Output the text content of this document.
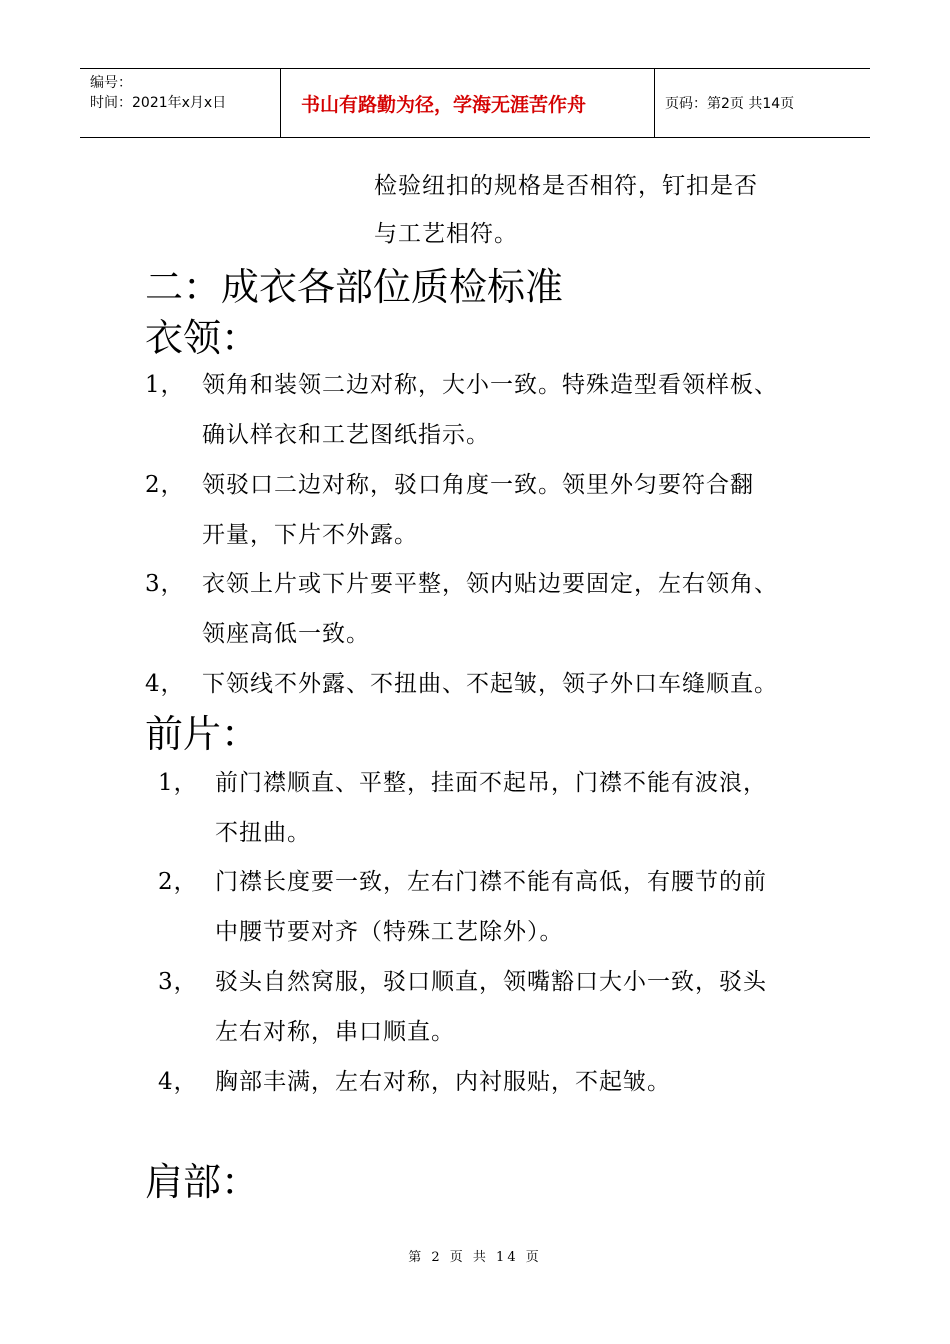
编号：
时间：2021年x月x日	书山有路勤为径，学海无涯苦作舟	页码：第2页 共14页
检验纽扣的规格是否相符，钉扣是否
与工艺相符。
二：成衣各部位质检标准
衣领：
1， 领角和装领二边对称，大小一致。特殊造型看领样板、
确认样衣和工艺图纸指示。
2， 领驳口二边对称，驳口角度一致。领里外匀要符合翻
开量，下片不外露。
3， 衣领上片或下片要平整，领内贴边要固定，左右领角、
领座高低一致。
4， 下领线不外露、不扭曲、不起皱，领子外口车缝顺直。
前片：
1， 前门襟顺直、平整，挂面不起吊，门襟不能有波浪，
不扭曲。
2， 门襟长度要一致，左右门襟不能有高低，有腰节的前
中腰节要对齐（特殊工艺除外）。
3， 驳头自然窝服，驳口顺直，领嘴豁口大小一致，驳头
左右对称，串口顺直。
4， 胸部丰满，左右对称，内衬服贴，不起皱。
肩部：
第 2 页 共 14 页
